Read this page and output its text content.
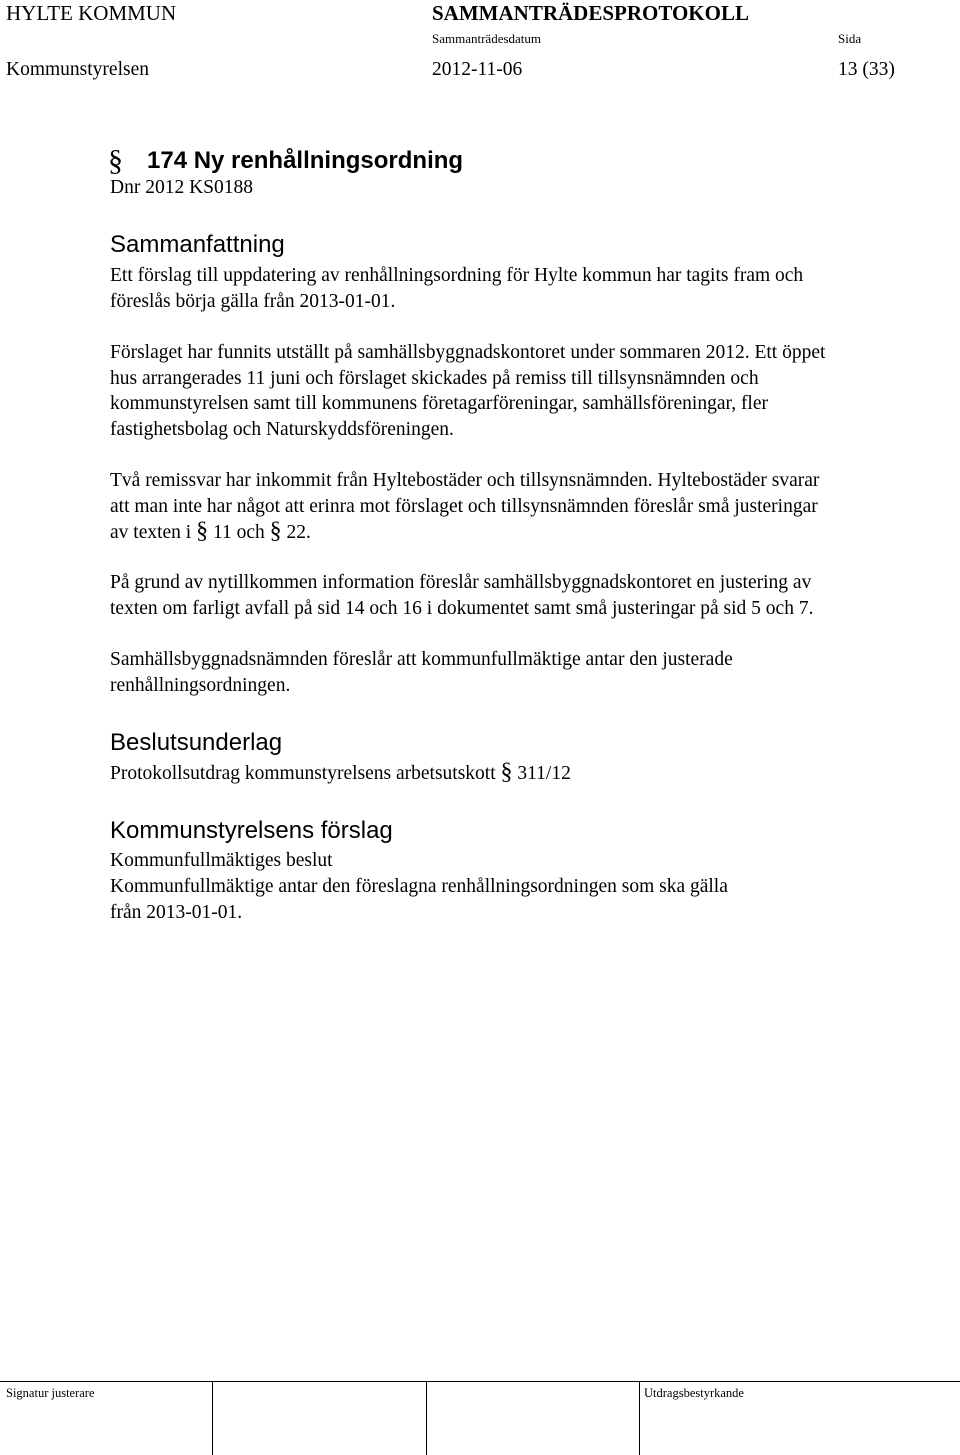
HYLTE KOMMUN	SAMMANTRÄDESPROTOKOLL
Sammanträdesdatum	Sida
Kommunstyrelsen	2012-11-06	13 (33)
§ 174 Ny renhållningsordning
Dnr 2012 KS0188
Sammanfattning
Ett förslag till uppdatering av renhållningsordning för Hylte kommun har tagits fram och
föreslås börja gälla från 2013-01-01.
Förslaget har funnits utställt på samhällsbyggnadskontoret under sommaren 2012. Ett öppet
hus arrangerades 11 juni och förslaget skickades på remiss till tillsynsnämnden och
kommunstyrelsen samt till kommunens företagarföreningar, samhällsföreningar, fler
fastighetsbolag och Naturskyddsföreningen.
Två remissvar har inkommit från Hyltebostäder och tillsynsnämnden. Hyltebostäder svarar
att man inte har något att erinra mot förslaget och tillsynsnämnden föreslår små justeringar
av texten i § 11 och § 22.
På grund av nytillkommen information föreslår samhällsbyggnadskontoret en justering av
texten om farligt avfall på sid 14 och 16 i dokumentet samt små justeringar på sid 5 och 7.
Samhällsbyggnadsnämnden föreslår att kommunfullmäktige antar den justerade
renhållningsordningen.
Beslutsunderlag
Protokollsutdrag kommunstyrelsens arbetsutskott § 311/12
Kommunstyrelsens förslag
Kommunfullmäktiges beslut
Kommunfullmäktige antar den föreslagna renhållningsordningen som ska gälla
från 2013-01-01.
Signatur justerare	Utdragsbestyrkande
